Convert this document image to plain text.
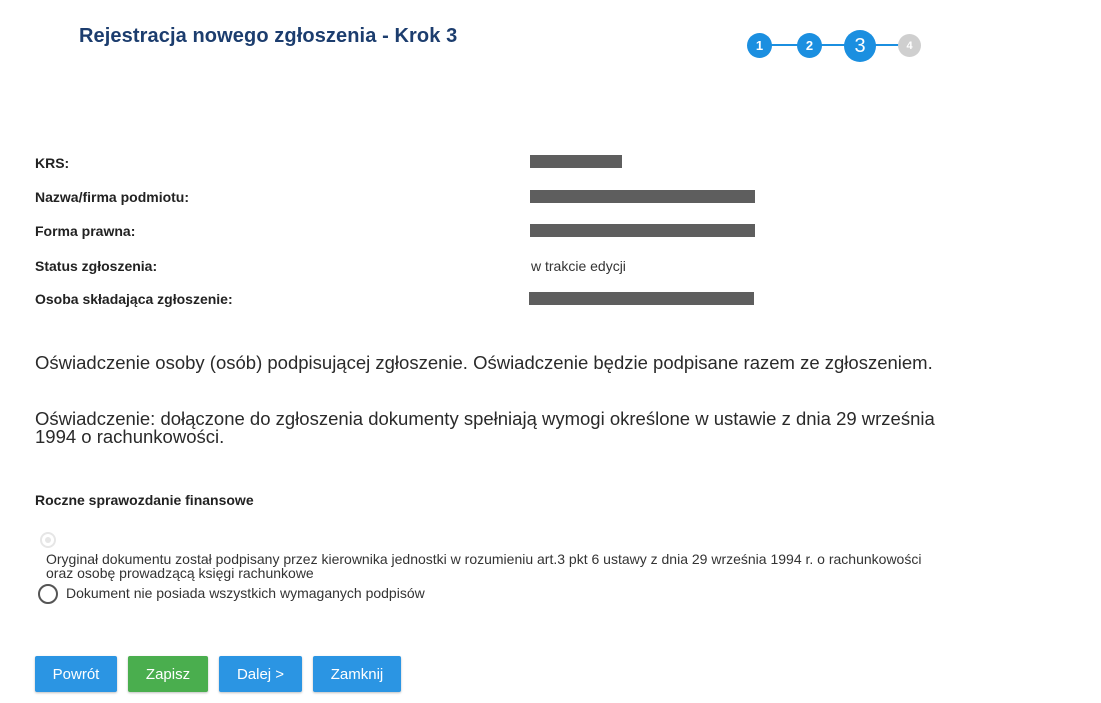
Rejestracja nowego zgłoszenia - Krok 3	1	2	3	4
KRS:
Nazwa/firma podmiotu:
Forma prawna:
Status zgłoszenia:	w trakcie edycji
Osoba składająca zgłoszenie:
Oświadczenie osoby (osób) podpisującej zgłoszenie. Oświadczenie będzie podpisane razem ze zgłoszeniem.
Oświadczenie: dołączone do zgłoszenia dokumenty spełniają wymogi określone w ustawie z dnia 29 września
1994 o rachunkowości.
Roczne sprawozdanie finansowe
Oryginał dokumentu został podpisany przez kierownika jednostki w rozumieniu art.3 pkt 6 ustawy z dnia 29 września 1994 r. o rachunkowości
oraz osobę prowadzącą księgi rachunkowe
Dokument nie posiada wszystkich wymaganych podpisów
Powrót	Zapisz	Dalej >	Zamknij
